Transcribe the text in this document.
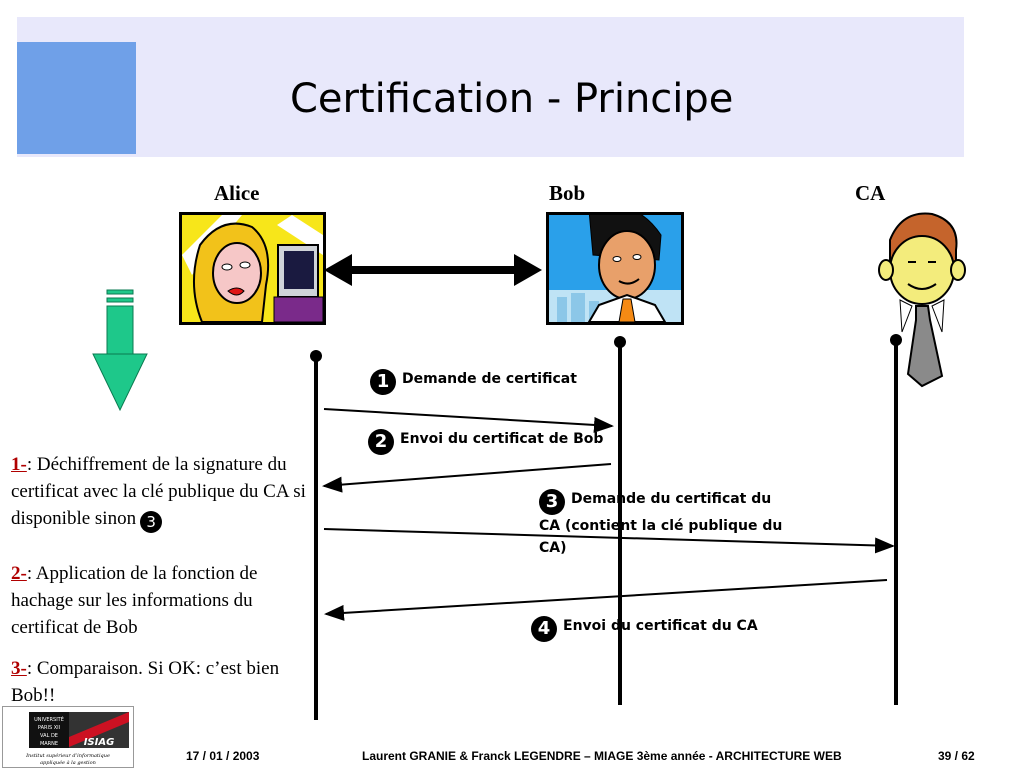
Certification - Principe
Alice	Bob	CA
1 Demande de certificat
2 Envoi du certificat de Bob
3 Demande du certificat du CA (contient la clé publique du CA)
4 Envoi du certificat du CA
1-: Déchiffrement de la signature du certificat avec la clé publique du CA si disponible sinon 3
2-: Application de la fonction de hachage sur les informations du certificat de Bob
3-: Comparaison. Si OK: c’est bien Bob!!
UNIVERSITÉ
PARIS XII
VAL DE
MARNE	ISIAG
Institut supérieur d’informatique
appliquée à la gestion	17 / 01 / 2003	Laurent GRANIE & Franck LEGENDRE – MIAGE 3ème année - ARCHITECTURE WEB	39 / 62
